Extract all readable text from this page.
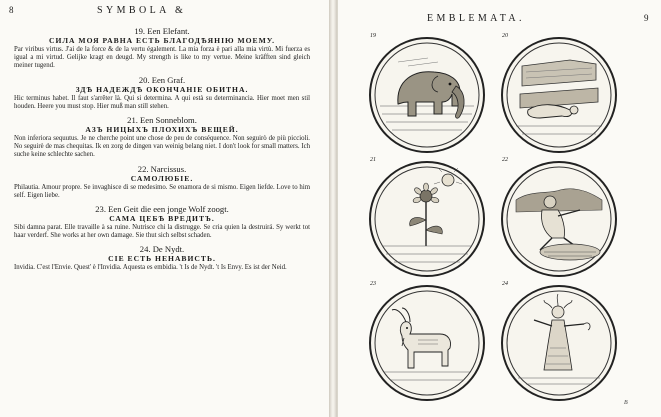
8	SYMBOLA &
19. Een Elefant.
СИЛА МОЯ РАВНА ЕСТЬ БЛАГОДѢЯНІЮ МОЕМУ.
Par viribus virtus. J'ai de la force & de la vertu également. La mia forza è pari alla mia virtù. Mi fuerza es igual a mi virtud. Gelijke kragt en deugd. My strength is like to my vertue. Meine kräfften sind gleich meiner tugend.
20. Een Graf.
ЗДѢ НАДЕЖДѢ ОКОНЧАНІЕ ОБИТНА.
Hic terminus habet. Il faut s'arrêter là. Qui si determina. A qui està su determinancia. Hier moet men stil houden. Heere you must stop. Hier muß man still stehen.
21. Een Sonneblom.
АЗЪ НИЦЫХЪ ПЛОХИХЪ ВЕЩЕЙ.
Non inferiora sequutus. Je ne cherche point une chose de peu de conséquence. Non seguirò de più piccioli. No seguirè de mas chequitas. Ik en zorg de dingen van weinig belang niet. I don't look for small matters. Ich suche keine schlechte sachen.
22. Narcissus.
САМОЛЮБІЕ.
Philautia. Amour propre. Se invaghisce di se medesimo. Se enamora de si mismo. Eigen liefde. Love to him self. Eigen liebe.
23. Een Geit die een jonge Wolf zoogt.
САМА ЦЕБѢ ВРЕДИТЪ.
Sibi damna parat. Elle travaille à sa ruine. Nutrisce chi la distrugge. Se cria quien la destruirá. Sy werkt tot haar verderf. She works at her own damage. Sie thut sich selbst schaden.
24. De Nydt.
СІЕ ЕСТЬ НЕНАВИСТЬ.
Invidia. C'est l'Envie. Quest' è l'Invidia. Aquesta es embidia. 't Is de Nydt. 't Is Envy. Es ist der Neid.
EMBLEMATA.	9
19	20
21	22
23	24
B
